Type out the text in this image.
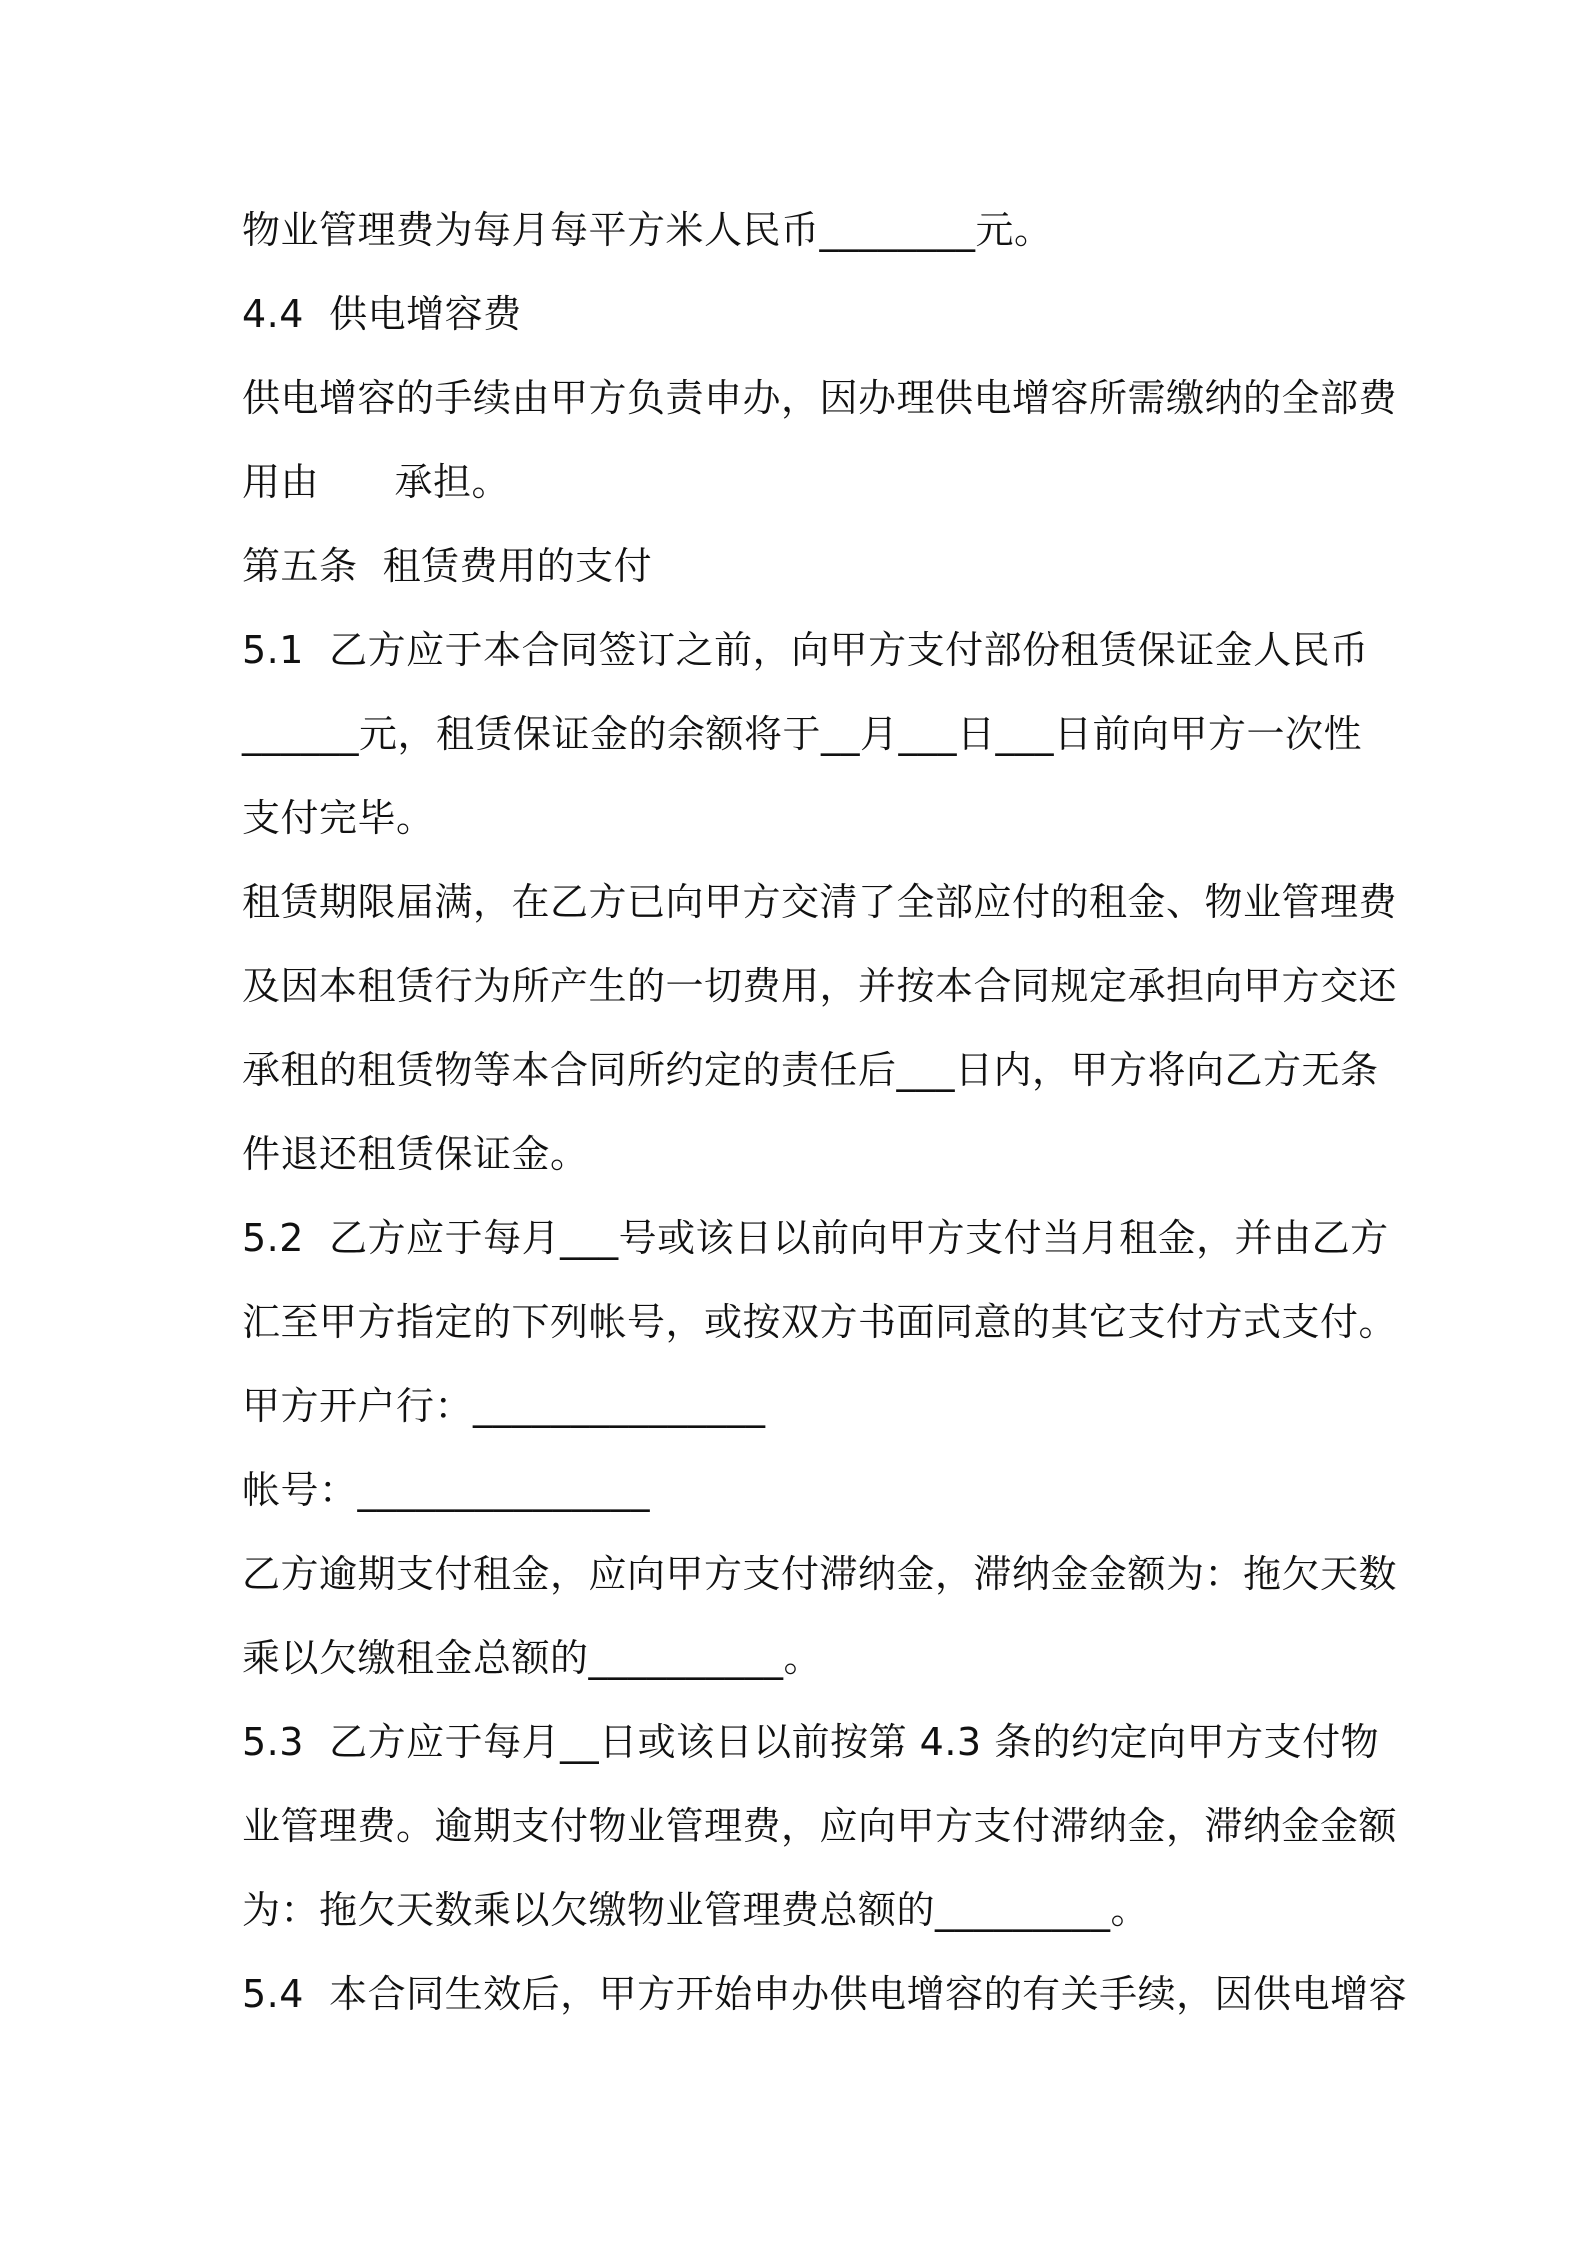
物业管理费为每月每平方米人民币________元。
4.4  供电增容费
供电增容的手续由甲方负责申办，因办理供电增容所需缴纳的全部费
用由      承担。
第五条  租赁费用的支付
5.1  乙方应于本合同签订之前，向甲方支付部份租赁保证金人民币
______元，租赁保证金的余额将于__月___日___日前向甲方一次性
支付完毕。
租赁期限届满，在乙方已向甲方交清了全部应付的租金、物业管理费
及因本租赁行为所产生的一切费用，并按本合同规定承担向甲方交还
承租的租赁物等本合同所约定的责任后___日内，甲方将向乙方无条
件退还租赁保证金。
5.2  乙方应于每月___号或该日以前向甲方支付当月租金，并由乙方
汇至甲方指定的下列帐号，或按双方书面同意的其它支付方式支付。
甲方开户行：_______________
帐号：_______________
乙方逾期支付租金，应向甲方支付滞纳金，滞纳金金额为：拖欠天数
乘以欠缴租金总额的__________。
5.3  乙方应于每月__日或该日以前按第 4.3 条的约定向甲方支付物
业管理费。逾期支付物业管理费，应向甲方支付滞纳金，滞纳金金额
为：拖欠天数乘以欠缴物业管理费总额的_________。
5.4  本合同生效后，甲方开始申办供电增容的有关手续，因供电增容
